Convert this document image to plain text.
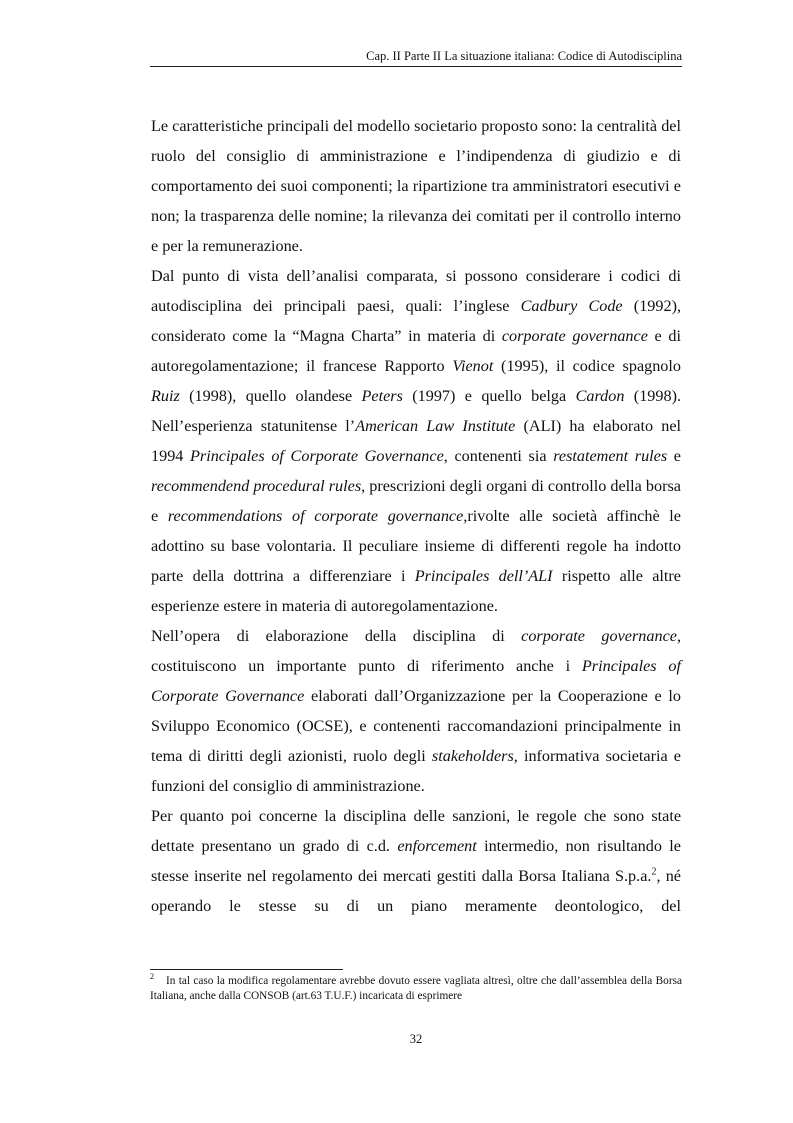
Cap. II Parte II La situazione italiana: Codice di Autodisciplina

Le caratteristiche principali del modello societario proposto sono: la centralità del ruolo del consiglio di amministrazione e l’indipendenza di giudizio e di comportamento dei suoi componenti; la ripartizione tra amministratori esecutivi e non; la trasparenza delle nomine; la rilevanza dei comitati per il controllo interno e per la remunerazione.

Dal punto di vista dell’analisi comparata, si possono considerare i codici di autodisciplina dei principali paesi, quali: l’inglese Cadbury Code (1992), considerato come la “Magna Charta” in materia di corporate governance e di autoregolamentazione; il francese Rapporto Vienot (1995), il codice spagnolo Ruiz (1998), quello olandese Peters (1997) e quello belga Cardon (1998). Nell’esperienza statunitense l’American Law Institute (ALI) ha elaborato nel 1994 Principales of Corporate Governance, contenenti sia restatement rules e recommendend procedural rules, prescrizioni degli organi di controllo della borsa e recommendations of corporate governance,rivolte alle società affinchè le adottino su base volontaria. Il peculiare insieme di differenti regole ha indotto parte della dottrina a differenziare i Principales dell’ALI rispetto alle altre esperienze estere in materia di autoregolamentazione.

Nell’opera di elaborazione della disciplina di corporate governance, costituiscono un importante punto di riferimento anche i Principales of Corporate Governance elaborati dall’Organizzazione per la Cooperazione e lo Sviluppo Economico (OCSE), e contenenti raccomandazioni principalmente in tema di diritti degli azionisti, ruolo degli stakeholders, informativa societaria e funzioni del consiglio di amministrazione.

Per quanto poi concerne la disciplina delle sanzioni, le regole che sono state dettate presentano un grado di c.d. enforcement intermedio, non risultando le stesse inserite nel regolamento dei mercati gestiti dalla Borsa Italiana S.p.a.$^2$, né operando le stesse su di un piano meramente deontologico, del

$^2$ In tal caso la modifica regolamentare avrebbe dovuto essere vagliata altresì, oltre che dall’assemblea della Borsa Italiana, anche dalla CONSOB (art.63 T.U.F.) incaricata di esprimere
32
